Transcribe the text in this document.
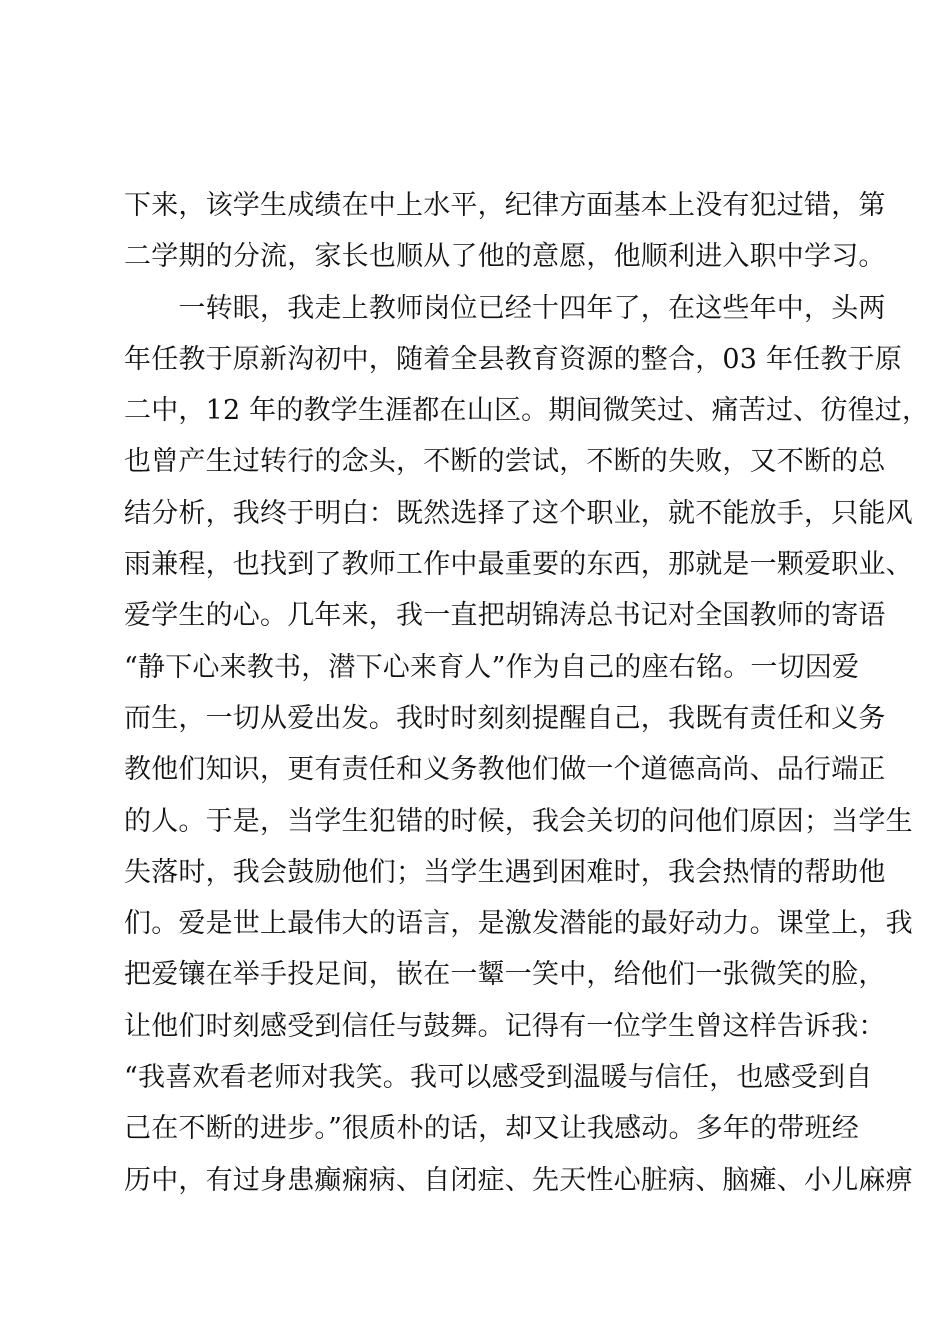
下来，该学生成绩在中上水平，纪律方面基本上没有犯过错，第
二学期的分流，家长也顺从了他的意愿，他顺利进入职中学习。
　　一转眼，我走上教师岗位已经十四年了，在这些年中，头两
年任教于原新沟初中，随着全县教育资源的整合，03 年任教于原
二中，12 年的教学生涯都在山区。期间微笑过、痛苦过、彷徨过，
也曾产生过转行的念头，不断的尝试，不断的失败，又不断的总
结分析，我终于明白：既然选择了这个职业，就不能放手，只能风
雨兼程，也找到了教师工作中最重要的东西，那就是一颗爱职业、
爱学生的心。几年来，我一直把胡锦涛总书记对全国教师的寄语
“静下心来教书，潜下心来育人”作为自己的座右铭。一切因爱
而生，一切从爱出发。我时时刻刻提醒自己，我既有责任和义务
教他们知识，更有责任和义务教他们做一个道德高尚、品行端正
的人。于是，当学生犯错的时候，我会关切的问他们原因；当学生
失落时，我会鼓励他们；当学生遇到困难时，我会热情的帮助他
们。爱是世上最伟大的语言，是激发潜能的最好动力。课堂上，我
把爱镶在举手投足间，嵌在一颦一笑中，给他们一张微笑的脸，
让他们时刻感受到信任与鼓舞。记得有一位学生曾这样告诉我：
“我喜欢看老师对我笑。我可以感受到温暖与信任，也感受到自
己在不断的进步。”很质朴的话，却又让我感动。多年的带班经
历中，有过身患癫痫病、自闭症、先天性心脏病、脑瘫、小儿麻痹
